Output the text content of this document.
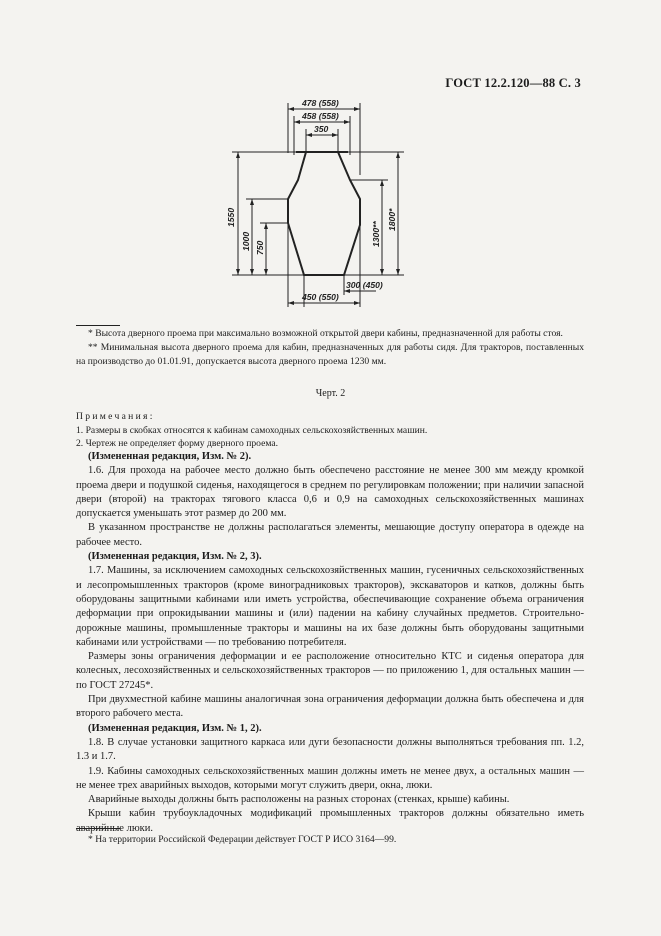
ГОСТ 12.2.120—88 С. 3
478 (558)
458 (558)
350
1550
1000 750
1300**
1800*
300 (450)
450 (550)

* Высота дверного проема при максимально возможной открытой двери кабины, предназначенной для работы стоя.

** Минимальная высота дверного проема для кабин, предназначенных для работы сидя. Для тракторов, поставленных на производство до 01.01.91, допускается высота дверного проема 1230 мм.

Черт. 2

Примечания:

1. Размеры в скобках относятся к кабинам самоходных сельскохозяйственных машин.

2. Чертеж не определяет форму дверного проема.

(Измененная редакция, Изм. № 2).

1.6. Для прохода на рабочее место должно быть обеспечено расстояние не менее 300 мм между кромкой проема двери и подушкой сиденья, находящегося в среднем по регулировкам положении; при наличии запасной двери (второй) на тракторах тягового класса 0,6 и 0,9 на самоходных сельскохозяйственных машинах допускается уменьшать этот размер до 200 мм.

В указанном пространстве не должны располагаться элементы, мешающие доступу оператора в одежде на рабочее место.

(Измененная редакция, Изм. № 2, 3).

1.7. Машины, за исключением самоходных сельскохозяйственных машин, гусеничных сельскохозяйственных и лесопромышленных тракторов (кроме виноградниковых тракторов), экскаваторов и катков, должны быть оборудованы защитными кабинами или иметь устройства, обеспечивающие сохранение объема ограничения деформации при опрокидывании машины и (или) падении на кабину случайных предметов. Строительно-дорожные машины, промышленные тракторы и машины на их базе должны быть оборудованы защитными кабинами или устройствами — по требованию потребителя.

Размеры зоны ограничения деформации и ее расположение относительно КТС и сиденья оператора для колесных, лесохозяйственных и сельскохозяйственных тракторов — по приложению 1, для остальных машин — по ГОСТ 27245*.

При двухместной кабине машины аналогичная зона ограничения деформации должна быть обеспечена и для второго рабочего места.

(Измененная редакция, Изм. № 1, 2).

1.8. В случае установки защитного каркаса или дуги безопасности должны выполняться требования пп. 1.2, 1.3 и 1.7.

1.9. Кабины самоходных сельскохозяйственных машин должны иметь не менее двух, а остальных машин — не менее трех аварийных выходов, которыми могут служить двери, окна, люки.

Аварийные выходы должны быть расположены на разных сторонах (стенках, крыше) кабины.

Крыши кабин трубоукладочных модификаций промышленных тракторов должны обязательно иметь аварийные люки.

* На территории Российской Федерации действует ГОСТ Р ИСО 3164—99.
